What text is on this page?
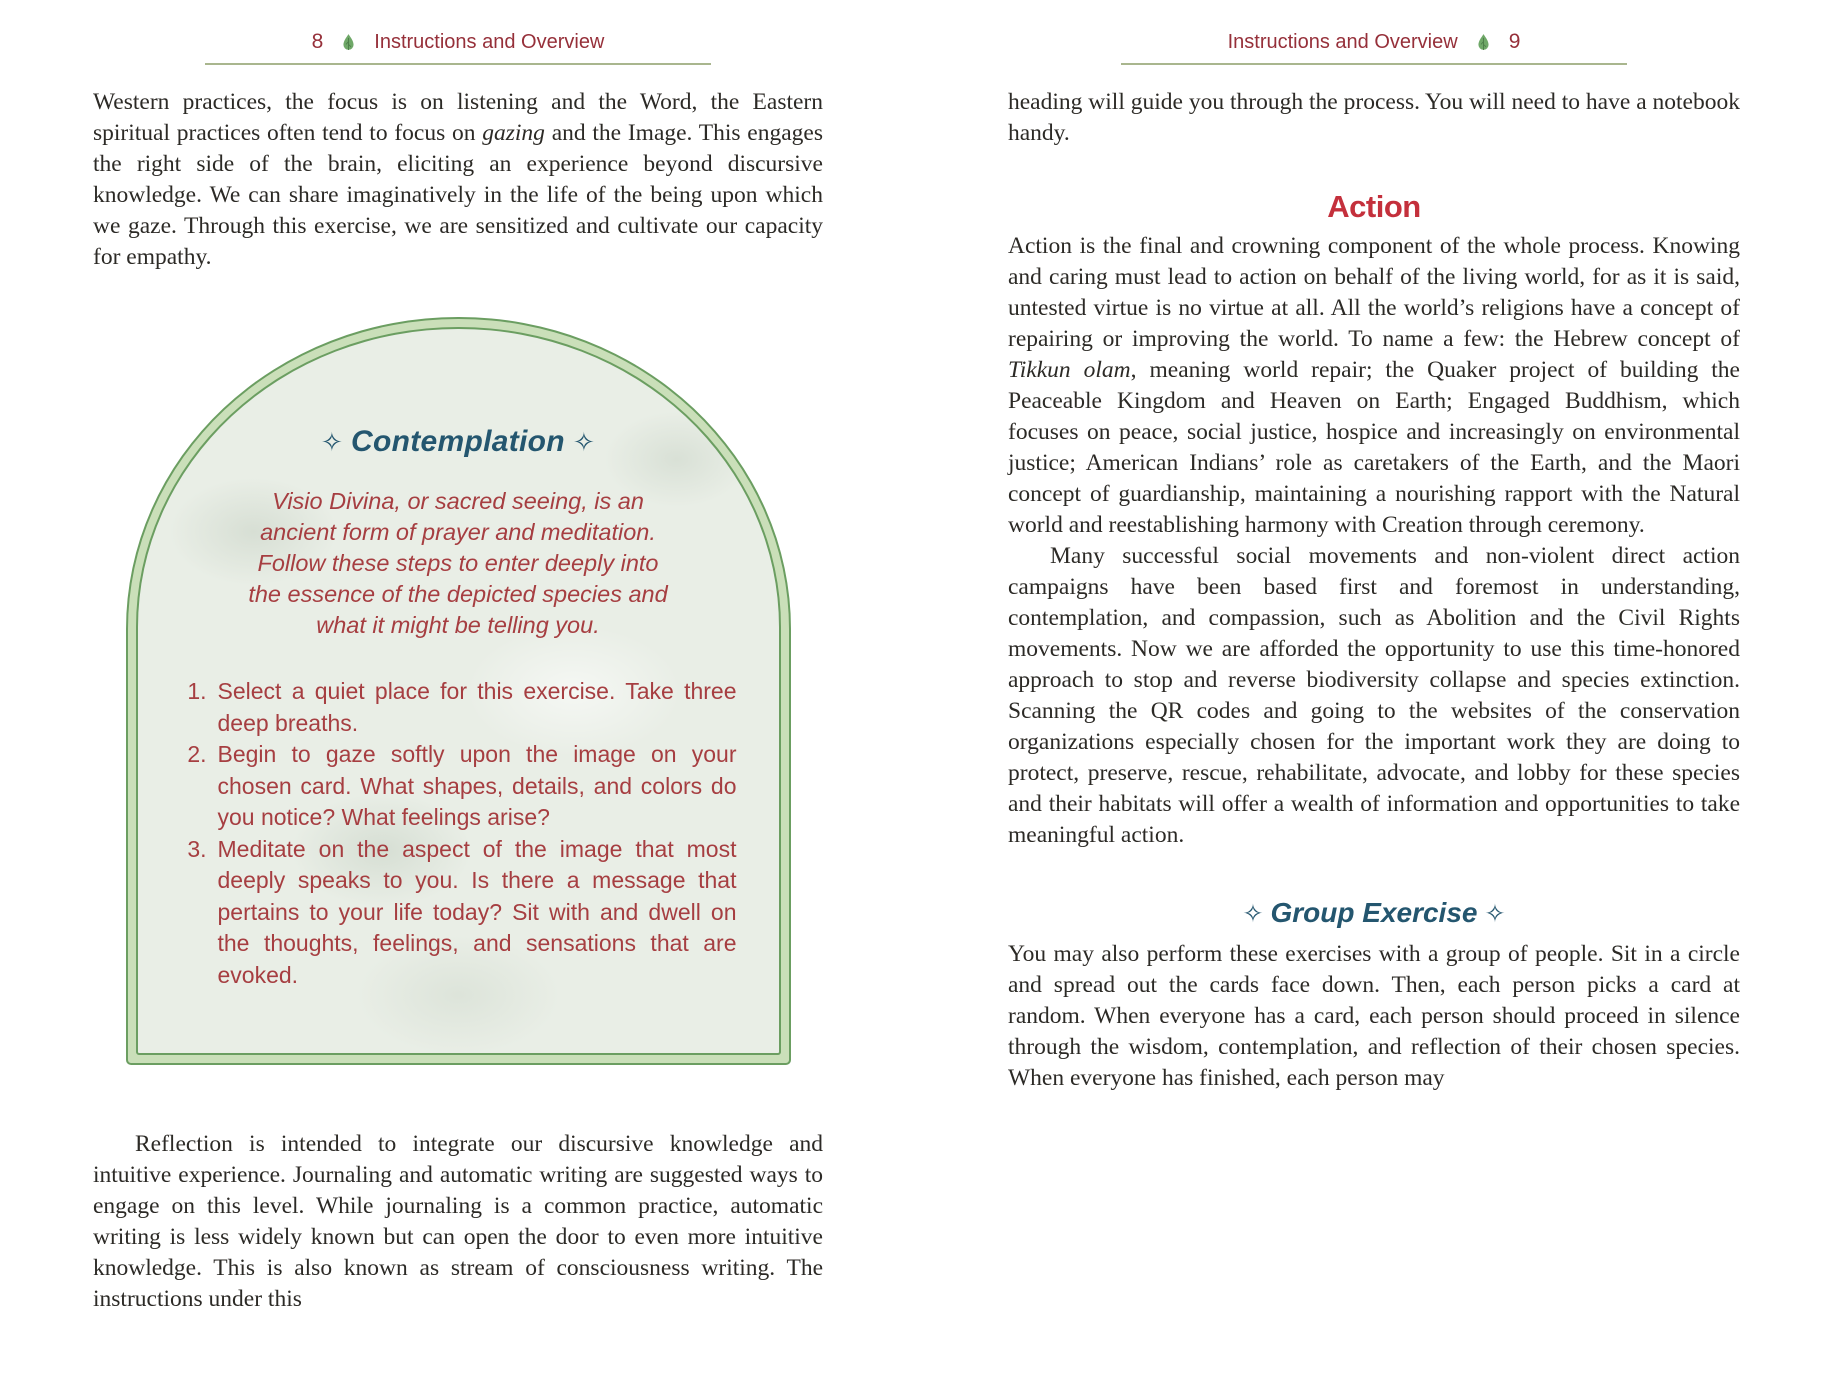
8	Instructions and Overview

Western practices, the focus is on listening and the Word, the Eastern spiritual practices often tend to focus on gazing and the Image. This engages the right side of the brain, eliciting an experience beyond discursive knowledge. We can share imaginatively in the life of the being upon which we gaze. Through this exercise, we are sensitized and cultivate our capacity for empathy.

✧ Contemplation ✧
Visio Divina, or sacred seeing, is an ancient form of prayer and meditation. Follow these steps to enter deeply into the essence of the depicted species and what it might be telling you.
1. Select a quiet place for this exercise. Take three deep breaths.
2. Begin to gaze softly upon the image on your chosen card. What shapes, details, and colors do you notice? What feelings arise?
3. Meditate on the aspect of the image that most deeply speaks to you. Is there a message that pertains to your life today? Sit with and dwell on the thoughts, feelings, and sensations that are evoked.

Reflection is intended to integrate our discursive knowledge and intuitive experience. Journaling and automatic writing are suggested ways to engage on this level. While journaling is a common practice, automatic writing is less widely known but can open the door to even more intuitive knowledge. This is also known as stream of consciousness writing. The instructions under this

Instructions and Overview 9

heading will guide you through the process. You will need to have a notebook handy.

Action

Action is the final and crowning component of the whole process. Knowing and caring must lead to action on behalf of the living world, for as it is said, untested virtue is no virtue at all. All the world’s religions have a concept of repairing or improving the world. To name a few: the Hebrew concept of Tikkun olam, meaning world repair; the Quaker project of building the Peaceable Kingdom and Heaven on Earth; Engaged Buddhism, which focuses on peace, social justice, hospice and increasingly on environmental justice; American Indians’ role as caretakers of the Earth, and the Maori concept of guardianship, maintaining a nourishing rapport with the Natural world and reestablishing harmony with Creation through ceremony.

Many successful social movements and non-violent direct action campaigns have been based first and foremost in understanding, contemplation, and compassion, such as Abolition and the Civil Rights movements. Now we are afforded the opportunity to use this time-honored approach to stop and reverse biodiversity collapse and species extinction. Scanning the QR codes and going to the websites of the conservation organizations especially chosen for the important work they are doing to protect, preserve, rescue, rehabilitate, advocate, and lobby for these species and their habitats will offer a wealth of information and opportunities to take meaningful action.

✧ Group Exercise ✧

You may also perform these exercises with a group of people. Sit in a circle and spread out the cards face down. Then, each person picks a card at random. When everyone has a card, each person should proceed in silence through the wisdom, contemplation, and reflection of their chosen species. When everyone has finished, each person may
